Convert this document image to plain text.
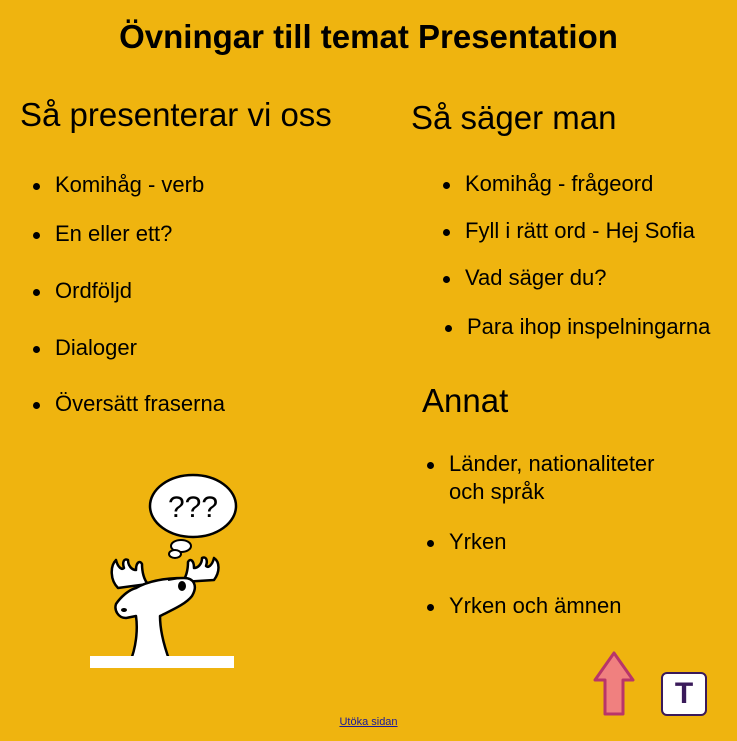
Övningar till temat Presentation
Så presenterar vi oss
Komihåg - verb
En eller ett?
Ordföljd
Dialoger
Översätt fraserna
Så säger man
Komihåg - frågeord
Fyll i rätt ord - Hej Sofia
Vad säger du?
Para ihop inspelningarna
Annat
Länder, nationaliteter och språk
Yrken
Yrken och ämnen
???
T
Utöka sidan
